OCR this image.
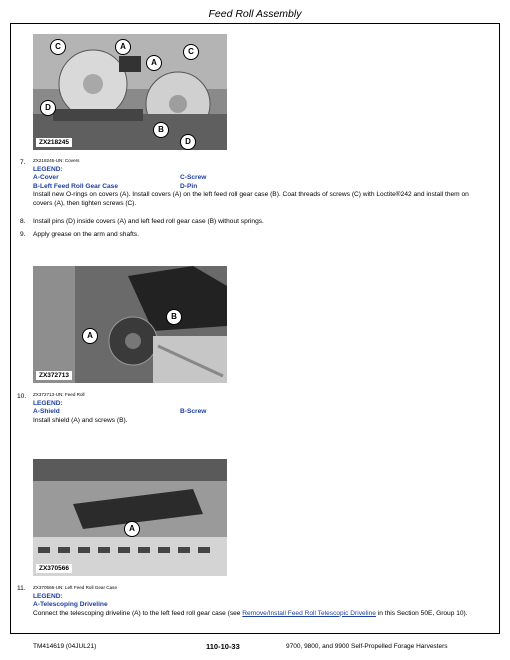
Feed Roll Assembly
ZX218245
C	A
C
A
D
B
D
7. ZX218245-UN: Covers
LEGEND:
A-Cover	C-Screw
B-Left Feed Roll Gear Case	D-Pin
Install new O-rings on covers (A). Install covers (A) on the left feed roll gear case (B). Coat threads of screws (C) with Loctite®242 and install them on covers (A), then tighten screws (C).
8. Install pins (D) inside covers (A) and left feed roll gear case (B) without springs.
9. Apply grease on the arm and shafts.
ZX372713
A
B
10. ZX372713-UN: Feed Roll
LEGEND:
A-Shield	B-Screw
Install shield (A) and screws (B).
ZX370566
A
11. ZX370566-UN: Left Feed Roll Gear Case
LEGEND:
A-Telescoping Driveline
Connect the telescoping driveline (A) to the left feed roll gear case (see Remove/Install Feed Roll Telescopic Driveline in this Section 50E, Group 10).
TM414619 (04JUL21)	110-10-33	9700, 9800, and 9900 Self-Propelled Forage Harvesters
